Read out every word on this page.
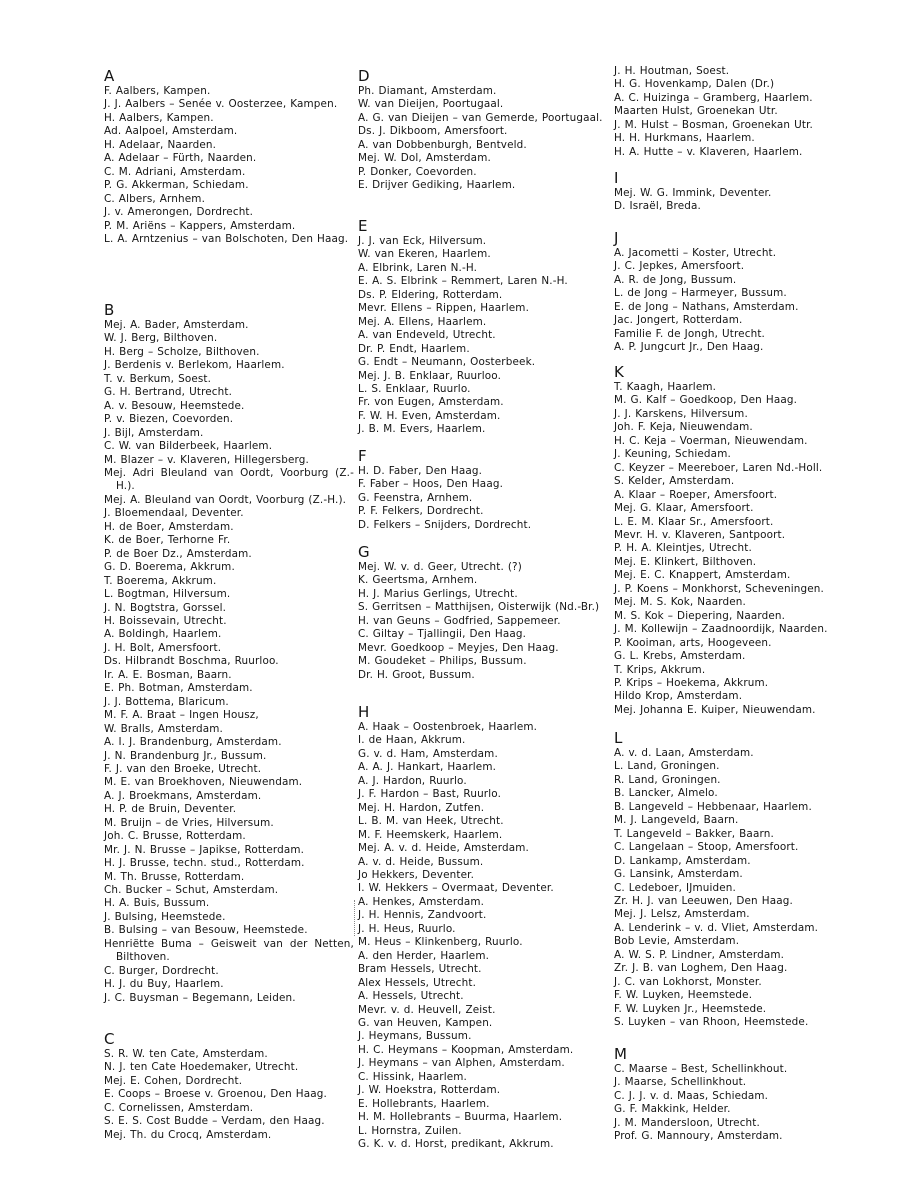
A
F. Aalbers, Kampen.
J. J. Aalbers – Senée v. Oosterzee, Kampen.
H. Aalbers, Kampen.
Ad. Aalpoel, Amsterdam.
H. Adelaar, Naarden.
A. Adelaar – Fürth, Naarden.
C. M. Adriani, Amsterdam.
P. G. Akkerman, Schiedam.
C. Albers, Arnhem.
J. v. Amerongen, Dordrecht.
P. M. Ariëns – Kappers, Amsterdam.
L. A. Arntzenius – van Bolschoten, Den Haag.
B
Mej. A. Bader, Amsterdam.
W. J. Berg, Bilthoven.
H. Berg – Scholze, Bilthoven.
J. Berdenis v. Berlekom, Haarlem.
T. v. Berkum, Soest.
G. H. Bertrand, Utrecht.
A. v. Besouw, Heemstede.
P. v. Biezen, Coevorden.
J. Bijl, Amsterdam.
C. W. van Bilderbeek, Haarlem.
M. Blazer – v. Klaveren, Hillegersberg.
Mej. Adri Bleuland van Oordt, Voorburg (Z.-H.).
Mej. A. Bleuland van Oordt, Voorburg (Z.-H.).
J. Bloemendaal, Deventer.
H. de Boer, Amsterdam.
K. de Boer, Terhorne Fr.
P. de Boer Dz., Amsterdam.
G. D. Boerema, Akkrum.
T. Boerema, Akkrum.
L. Bogtman, Hilversum.
J. N. Bogtstra, Gorssel.
H. Boissevain, Utrecht.
A. Boldingh, Haarlem.
J. H. Bolt, Amersfoort.
Ds. Hilbrandt Boschma, Ruurloo.
Ir. A. E. Bosman, Baarn.
E. Ph. Botman, Amsterdam.
J. J. Bottema, Blaricum.
M. F. A. Braat – Ingen Housz,
W. Bralls, Amsterdam.
A. I. J. Brandenburg, Amsterdam.
J. N. Brandenburg Jr., Bussum.
F. J. van den Broeke, Utrecht.
M. E. van Broekhoven, Nieuwendam.
A. J. Broekmans, Amsterdam.
H. P. de Bruin, Deventer.
M. Bruijn – de Vries, Hilversum.
Joh. C. Brusse, Rotterdam.
Mr. J. N. Brusse – Japikse, Rotterdam.
H. J. Brusse, techn. stud., Rotterdam.
M. Th. Brusse, Rotterdam.
Ch. Bucker – Schut, Amsterdam.
H. A. Buis, Bussum.
J. Bulsing, Heemstede.
B. Bulsing – van Besouw, Heemstede.
Henriëtte Buma – Geisweit van der Netten, Bilthoven.
C. Burger, Dordrecht.
H. J. du Buy, Haarlem.
J. C. Buysman – Begemann, Leiden.
C
S. R. W. ten Cate, Amsterdam.
N. J. ten Cate Hoedemaker, Utrecht.
Mej. E. Cohen, Dordrecht.
E. Coops – Broese v. Groenou, Den Haag.
C. Cornelissen, Amsterdam.
S. E. S. Cost Budde – Verdam, den Haag.
Mej. Th. du Crocq, Amsterdam.
D
Ph. Diamant, Amsterdam.
W. van Dieijen, Poortugaal.
A. G. van Dieijen – van Gemerde, Poortugaal.
Ds. J. Dikboom, Amersfoort.
A. van Dobbenburgh, Bentveld.
Mej. W. Dol, Amsterdam.
P. Donker, Coevorden.
E. Drijver Gediking, Haarlem.
E
J. J. van Eck, Hilversum.
W. van Ekeren, Haarlem.
A. Elbrink, Laren N.-H.
E. A. S. Elbrink – Remmert, Laren N.-H.
Ds. P. Eldering, Rotterdam.
Mevr. Ellens – Rippen, Haarlem.
Mej. A. Ellens, Haarlem.
A. van Endeveld, Utrecht.
Dr. P. Endt, Haarlem.
G. Endt – Neumann, Oosterbeek.
Mej. J. B. Enklaar, Ruurloo.
L. S. Enklaar, Ruurlo.
Fr. von Eugen, Amsterdam.
F. W. H. Even, Amsterdam.
J. B. M. Evers, Haarlem.
F
H. D. Faber, Den Haag.
F. Faber – Hoos, Den Haag.
G. Feenstra, Arnhem.
P. F. Felkers, Dordrecht.
D. Felkers – Snijders, Dordrecht.
G
Mej. W. v. d. Geer, Utrecht. (?)
K. Geertsma, Arnhem.
H. J. Marius Gerlings, Utrecht.
S. Gerritsen – Matthijsen, Oisterwijk (Nd.-Br.)
H. van Geuns – Godfried, Sappemeer.
C. Giltay – Tjallingii, Den Haag.
Mevr. Goedkoop – Meyjes, Den Haag.
M. Goudeket – Philips, Bussum.
Dr. H. Groot, Bussum.
H
A. Haak – Oostenbroek, Haarlem.
I. de Haan, Akkrum.
G. v. d. Ham, Amsterdam.
A. A. J. Hankart, Haarlem.
A. J. Hardon, Ruurlo.
J. F. Hardon – Bast, Ruurlo.
Mej. H. Hardon, Zutfen.
L. B. M. van Heek, Utrecht.
M. F. Heemskerk, Haarlem.
Mej. A. v. d. Heide, Amsterdam.
A. v. d. Heide, Bussum.
Jo Hekkers, Deventer.
I. W. Hekkers – Overmaat, Deventer.
A. Henkes, Amsterdam.
J. H. Hennis, Zandvoort.
J. H. Heus, Ruurlo.
M. Heus – Klinkenberg, Ruurlo.
A. den Herder, Haarlem.
Bram Hessels, Utrecht.
Alex Hessels, Utrecht.
A. Hessels, Utrecht.
Mevr. v. d. Heuvell, Zeist.
G. van Heuven, Kampen.
J. Heymans, Bussum.
H. C. Heymans – Koopman, Amsterdam.
J. Heymans – van Alphen, Amsterdam.
C. Hissink, Haarlem.
J. W. Hoekstra, Rotterdam.
E. Hollebrants, Haarlem.
H. M. Hollebrants – Buurma, Haarlem.
L. Hornstra, Zuilen.
G. K. v. d. Horst, predikant, Akkrum.
J. H. Houtman, Soest.
H. G. Hovenkamp, Dalen (Dr.)
A. C. Huizinga – Gramberg, Haarlem.
Maarten Hulst, Groenekan Utr.
J. M. Hulst – Bosman, Groenekan Utr.
H. H. Hurkmans, Haarlem.
H. A. Hutte – v. Klaveren, Haarlem.
I
Mej. W. G. Immink, Deventer.
D. Israël, Breda.
J
A. Jacometti – Koster, Utrecht.
J. C. Jepkes, Amersfoort.
A. R. de Jong, Bussum.
L. de Jong – Harmeyer, Bussum.
E. de Jong – Nathans, Amsterdam.
Jac. Jongert, Rotterdam.
Familie F. de Jongh, Utrecht.
A. P. Jungcurt Jr., Den Haag.
K
T. Kaagh, Haarlem.
M. G. Kalf – Goedkoop, Den Haag.
J. J. Karskens, Hilversum.
Joh. F. Keja, Nieuwendam.
H. C. Keja – Voerman, Nieuwendam.
J. Keuning, Schiedam.
C. Keyzer – Meereboer, Laren Nd.-Holl.
S. Kelder, Amsterdam.
A. Klaar – Roeper, Amersfoort.
Mej. G. Klaar, Amersfoort.
L. E. M. Klaar Sr., Amersfoort.
Mevr. H. v. Klaveren, Santpoort.
P. H. A. Kleintjes, Utrecht.
Mej. E. Klinkert, Bilthoven.
Mej. E. C. Knappert, Amsterdam.
J. P. Koens – Monkhorst, Scheveningen.
Mej. M. S. Kok, Naarden.
M. S. Kok – Diepering, Naarden.
J. M. Kollewijn – Zaadnoordijk, Naarden.
P. Kooiman, arts, Hoogeveen.
G. L. Krebs, Amsterdam.
T. Krips, Akkrum.
P. Krips – Hoekema, Akkrum.
Hildo Krop, Amsterdam.
Mej. Johanna E. Kuiper, Nieuwendam.
L
A. v. d. Laan, Amsterdam.
L. Land, Groningen.
R. Land, Groningen.
B. Lancker, Almelo.
B. Langeveld – Hebbenaar, Haarlem.
M. J. Langeveld, Baarn.
T. Langeveld – Bakker, Baarn.
C. Langelaan – Stoop, Amersfoort.
D. Lankamp, Amsterdam.
G. Lansink, Amsterdam.
C. Ledeboer, IJmuiden.
Zr. H. J. van Leeuwen, Den Haag.
Mej. J. Lelsz, Amsterdam.
A. Lenderink – v. d. Vliet, Amsterdam.
Bob Levie, Amsterdam.
A. W. S. P. Lindner, Amsterdam.
Zr. J. B. van Loghem, Den Haag.
J. C. van Lokhorst, Monster.
F. W. Luyken, Heemstede.
F. W. Luyken Jr., Heemstede.
S. Luyken – van Rhoon, Heemstede.
M
C. Maarse – Best, Schellinkhout.
J. Maarse, Schellinkhout.
C. J. J. v. d. Maas, Schiedam.
G. F. Makkink, Helder.
J. M. Mandersloon, Utrecht.
Prof. G. Mannoury, Amsterdam.
